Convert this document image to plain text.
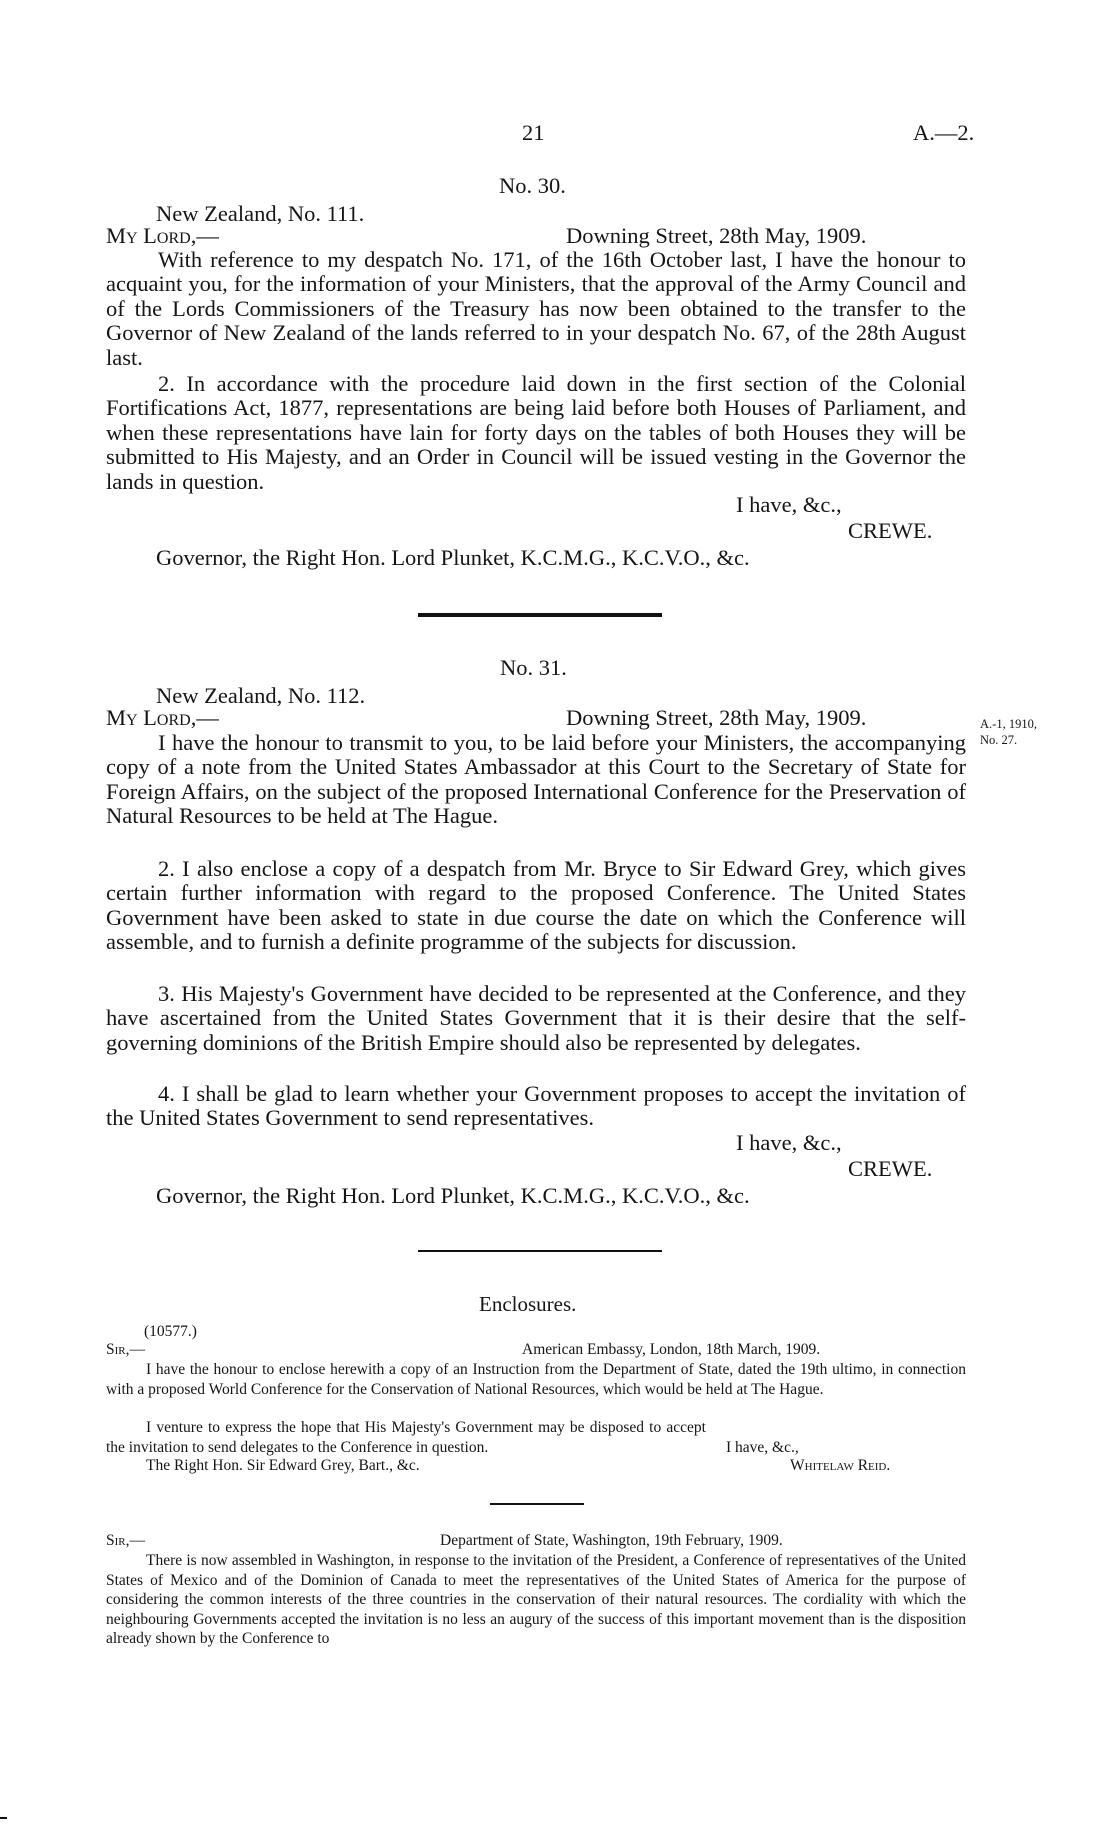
21	A.—2.
No. 30.
New Zealand, No. 111.
My Lord,—	Downing Street, 28th May, 1909.
With reference to my despatch No. 171, of the 16th October last, I have the honour to acquaint you, for the information of your Ministers, that the approval of the Army Council and of the Lords Commissioners of the Treasury has now been obtained to the transfer to the Governor of New Zealand of the lands referred to in your despatch No. 67, of the 28th August last.
2. In accordance with the procedure laid down in the first section of the Colonial Fortifications Act, 1877, representations are being laid before both Houses of Parliament, and when these representations have lain for forty days on the tables of both Houses they will be submitted to His Majesty, and an Order in Council will be issued vesting in the Governor the lands in question.
I have, &c.,
CREWE.
Governor, the Right Hon. Lord Plunket, K.C.M.G., K.C.V.O., &c.
No. 31.
New Zealand, No. 112.
My Lord,—	Downing Street, 28th May, 1909.	A.-1, 1910,
No. 27.
I have the honour to transmit to you, to be laid before your Ministers, the accompanying copy of a note from the United States Ambassador at this Court to the Secretary of State for Foreign Affairs, on the subject of the proposed International Conference for the Preservation of Natural Resources to be held at The Hague.
2. I also enclose a copy of a despatch from Mr. Bryce to Sir Edward Grey, which gives certain further information with regard to the proposed Conference. The United States Government have been asked to state in due course the date on which the Conference will assemble, and to furnish a definite programme of the subjects for discussion.
3. His Majesty's Government have decided to be represented at the Conference, and they have ascertained from the United States Government that it is their desire that the self-governing dominions of the British Empire should also be represented by delegates.
4. I shall be glad to learn whether your Government proposes to accept the invitation of the United States Government to send representatives.
I have, &c.,
CREWE.
Governor, the Right Hon. Lord Plunket, K.C.M.G., K.C.V.O., &c.
Enclosures.
(10577.)
Sir,—	American Embassy, London, 18th March, 1909.
I have the honour to enclose herewith a copy of an Instruction from the Department of State, dated the 19th ultimo, in connection with a proposed World Conference for the Conservation of National Resources, which would be held at The Hague.
I venture to express the hope that His Majesty's Government may be disposed to accept the invitation to send delegates to the Conference in question.	I have, &c.,
The Right Hon. Sir Edward Grey, Bart., &c.	Whitelaw Reid.
Sir,—	Department of State, Washington, 19th February, 1909.
There is now assembled in Washington, in response to the invitation of the President, a Conference of representatives of the United States of Mexico and of the Dominion of Canada to meet the representatives of the United States of America for the purpose of considering the common interests of the three countries in the conservation of their natural resources. The cordiality with which the neighbouring Governments accepted the invitation is no less an augury of the success of this important movement than is the disposition already shown by the Conference to
